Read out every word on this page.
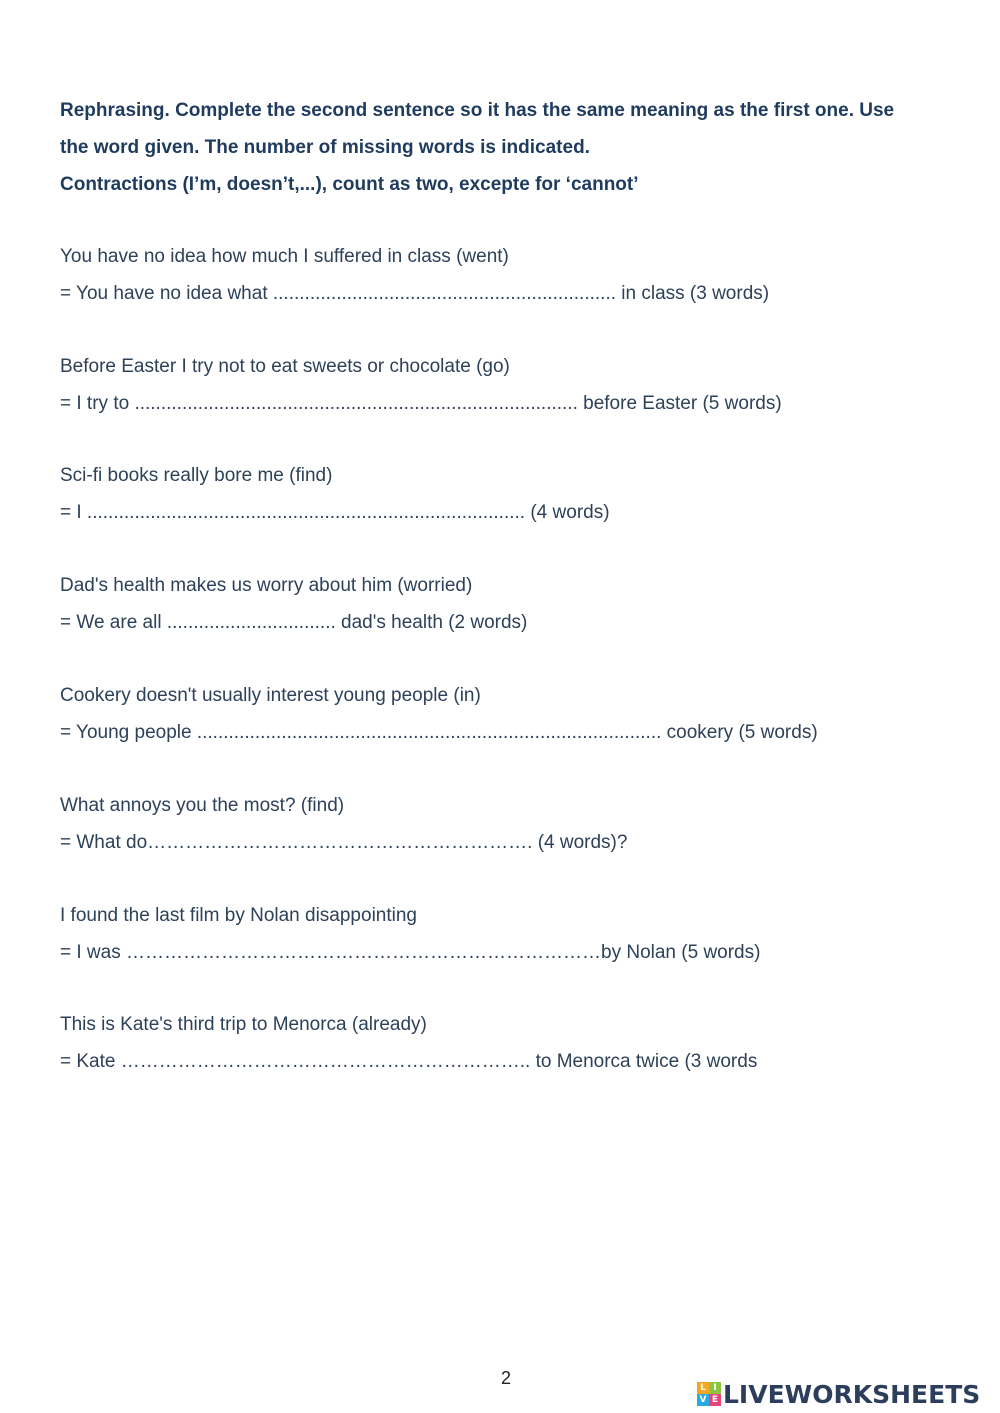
Rephrasing. Complete the second sentence so it has the same meaning as the first one. Use
the word given. The number of missing words is indicated.
Contractions (I’m, doesn’t,...), count as two, excepte for ‘cannot’
You have no idea how much I suffered in class (went)
= You have no idea what ................................................................. in class (3 words)
Before Easter I try not to eat sweets or chocolate (go)
= I try to .................................................................................... before Easter (5 words)
Sci-fi books really bore me (find)
= I ................................................................................... (4 words)
Dad's health makes us worry about him (worried)
= We are all ................................ dad's health (2 words)
Cookery doesn't usually interest young people (in)
= Young people ........................................................................................ cookery (5 words)
What annoys you the most? (find)
= What do……………………………………………………. (4 words)?
I found the last film by Nolan disappointing
= I was …………………………………………………………………by Nolan (5 words)
This is Kate's third trip to Menorca (already)
= Kate ……………………………………………………….. to Menorca twice (3 words
2	L I
V E LIVEWORKSHEETS
